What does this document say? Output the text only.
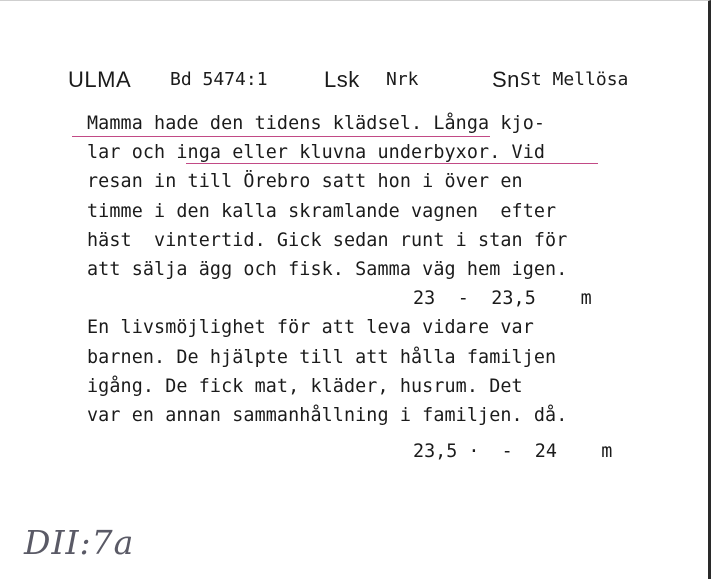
ULMA Bd 5474:1	Lsk Nrk	Sn St Mellösa
Mamma hade den tidens klädsel. Långa kjo-
lar och inga eller kluvna underbyxor. Vid
resan in till Örebro satt hon i över en
timme i den kalla skramlande vagnen  efter
häst  vintertid. Gick sedan runt i stan för
att sälja ägg och fisk. Samma väg hem igen.

23  -  23,5    m

En livsmöjlighet för att leva vidare var
barnen. De hjälpte till att hålla familjen
igång. De fick mat, kläder, husrum. Det
var en annan sammanhållning i familjen. då.
23,5 ·  -  24    m
DII:7a
